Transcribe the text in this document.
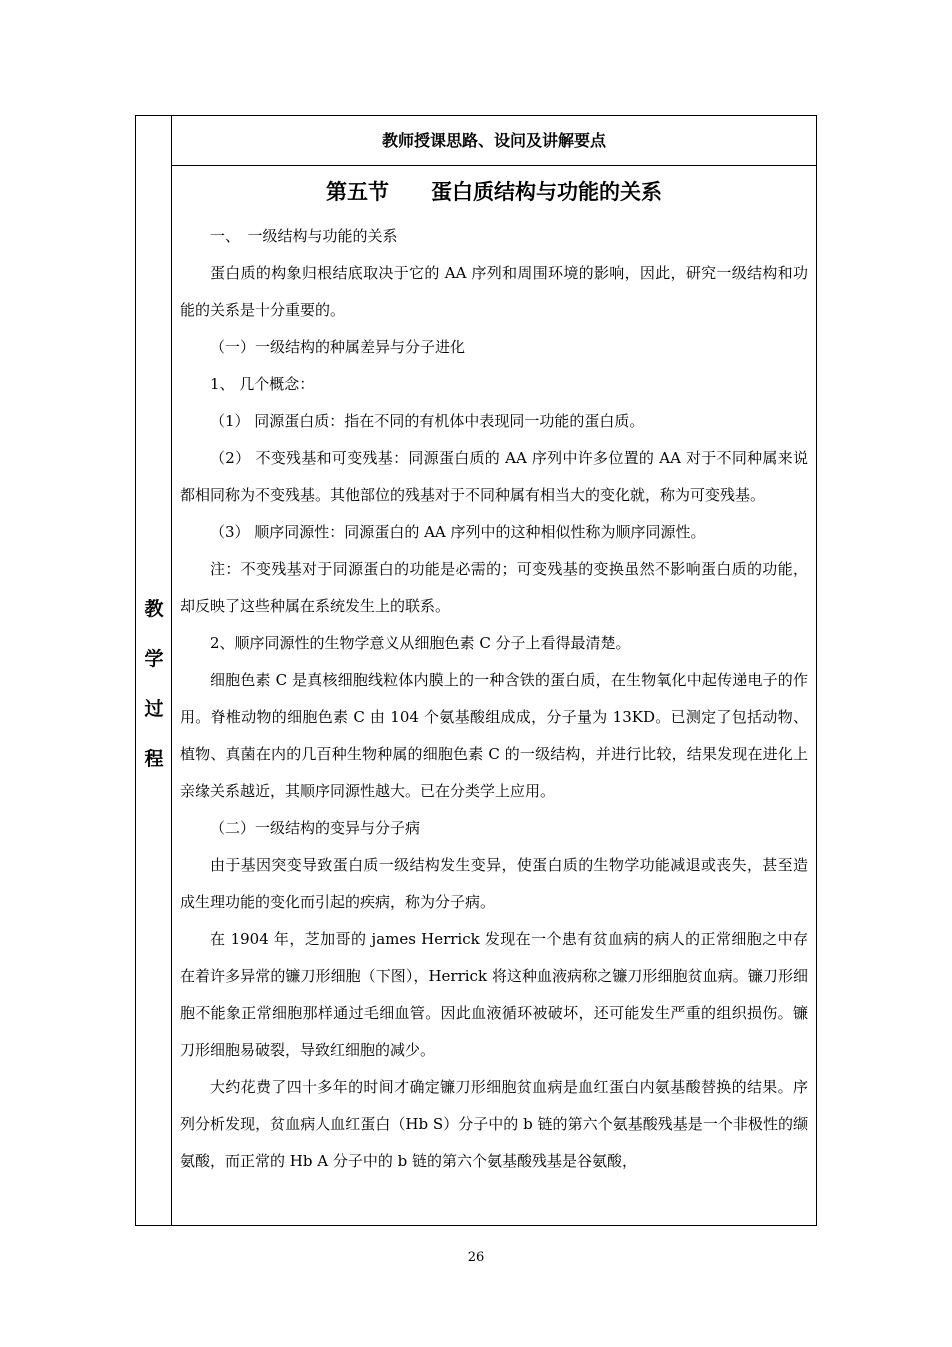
教
学
过
程
教师授课思路、设问及讲解要点
第五节　　蛋白质结构与功能的关系

一、　一级结构与功能的关系

蛋白质的构象归根结底取决于它的 AA 序列和周围环境的影响，因此，研究一级结构和功能的关系是十分重要的。

（一）一级结构的种属差异与分子进化

1、 几个概念：

（1） 同源蛋白质：指在不同的有机体中表现同一功能的蛋白质。

（2） 不变残基和可变残基：同源蛋白质的 AA 序列中许多位置的 AA 对于不同种属来说都相同称为不变残基。其他部位的残基对于不同种属有相当大的变化就，称为可变残基。

（3） 顺序同源性：同源蛋白的 AA 序列中的这种相似性称为顺序同源性。

注：不变残基对于同源蛋白的功能是必需的；可变残基的变换虽然不影响蛋白质的功能，却反映了这些种属在系统发生上的联系。

2、顺序同源性的生物学意义从细胞色素 C 分子上看得最清楚。

细胞色素 C 是真核细胞线粒体内膜上的一种含铁的蛋白质，在生物氧化中起传递电子的作用。脊椎动物的细胞色素 C 由 104 个氨基酸组成成，分子量为 13KD。已测定了包括动物、植物、真菌在内的几百种生物种属的细胞色素 C 的一级结构，并进行比较，结果发现在进化上亲缘关系越近，其顺序同源性越大。已在分类学上应用。

（二）一级结构的变异与分子病

由于基因突变导致蛋白质一级结构发生变异，使蛋白质的生物学功能减退或丧失，甚至造成生理功能的变化而引起的疾病，称为分子病。

在 1904 年，芝加哥的 james Herrick 发现在一个患有贫血病的病人的正常细胞之中存在着许多异常的镰刀形细胞（下图），Herrick 将这种血液病称之镰刀形细胞贫血病。镰刀形细胞不能象正常细胞那样通过毛细血管。因此血液循环被破坏，还可能发生严重的组织损伤。镰刀形细胞易破裂，导致红细胞的减少。

大约花费了四十多年的时间才确定镰刀形细胞贫血病是血红蛋白内氨基酸替换的结果。序列分析发现，贫血病人血红蛋白（Hb S）分子中的 b 链的第六个氨基酸残基是一个非极性的缬氨酸，而正常的 Hb A 分子中的 b 链的第六个氨基酸残基是谷氨酸，

26
